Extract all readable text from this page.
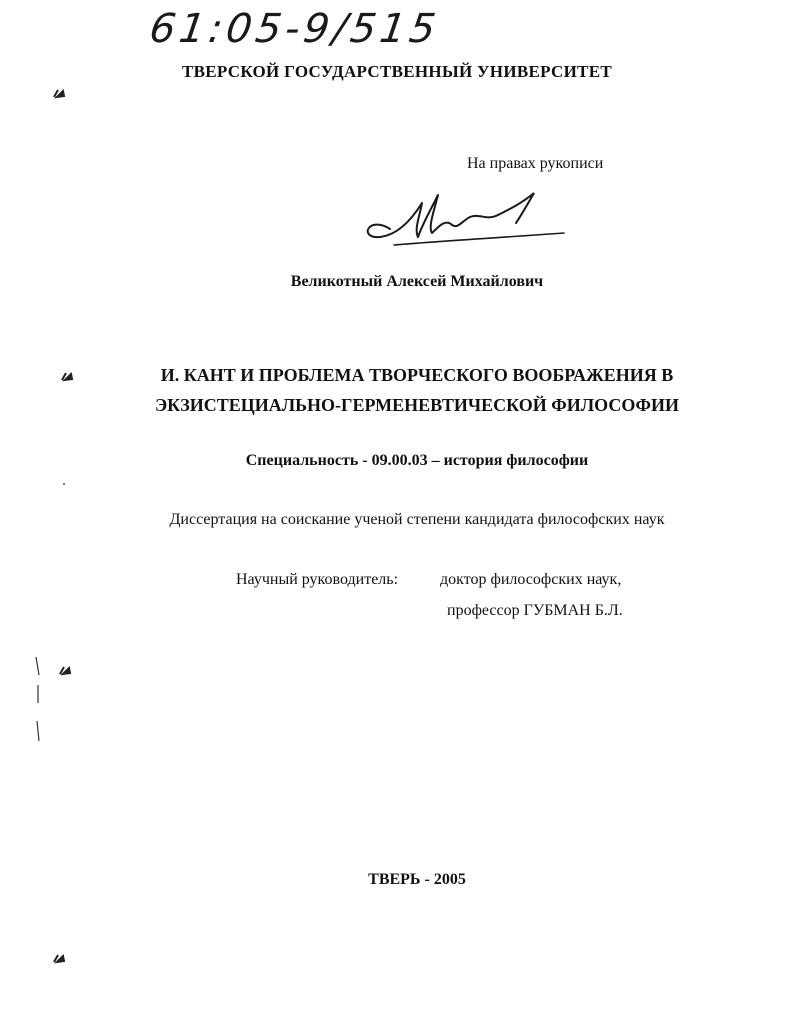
61:05-9/515
ТВЕРСКОЙ ГОСУДАРСТВЕННЫЙ УНИВЕРСИТЕТ
На правах рукописи
Великотный Алексей Михайлович
И. КАНТ И ПРОБЛЕМА ТВОРЧЕСКОГО ВООБРАЖЕНИЯ В
ЭКЗИСТЕЦИАЛЬНО-ГЕРМЕНЕВТИЧЕСКОЙ ФИЛОСОФИИ
Специальность - 09.00.03 – история философии
Диссертация на соискание ученой степени кандидата философских наук
Научный руководитель:	доктор философских наук,
профессор ГУБМАН Б.Л.
ТВЕРЬ - 2005
